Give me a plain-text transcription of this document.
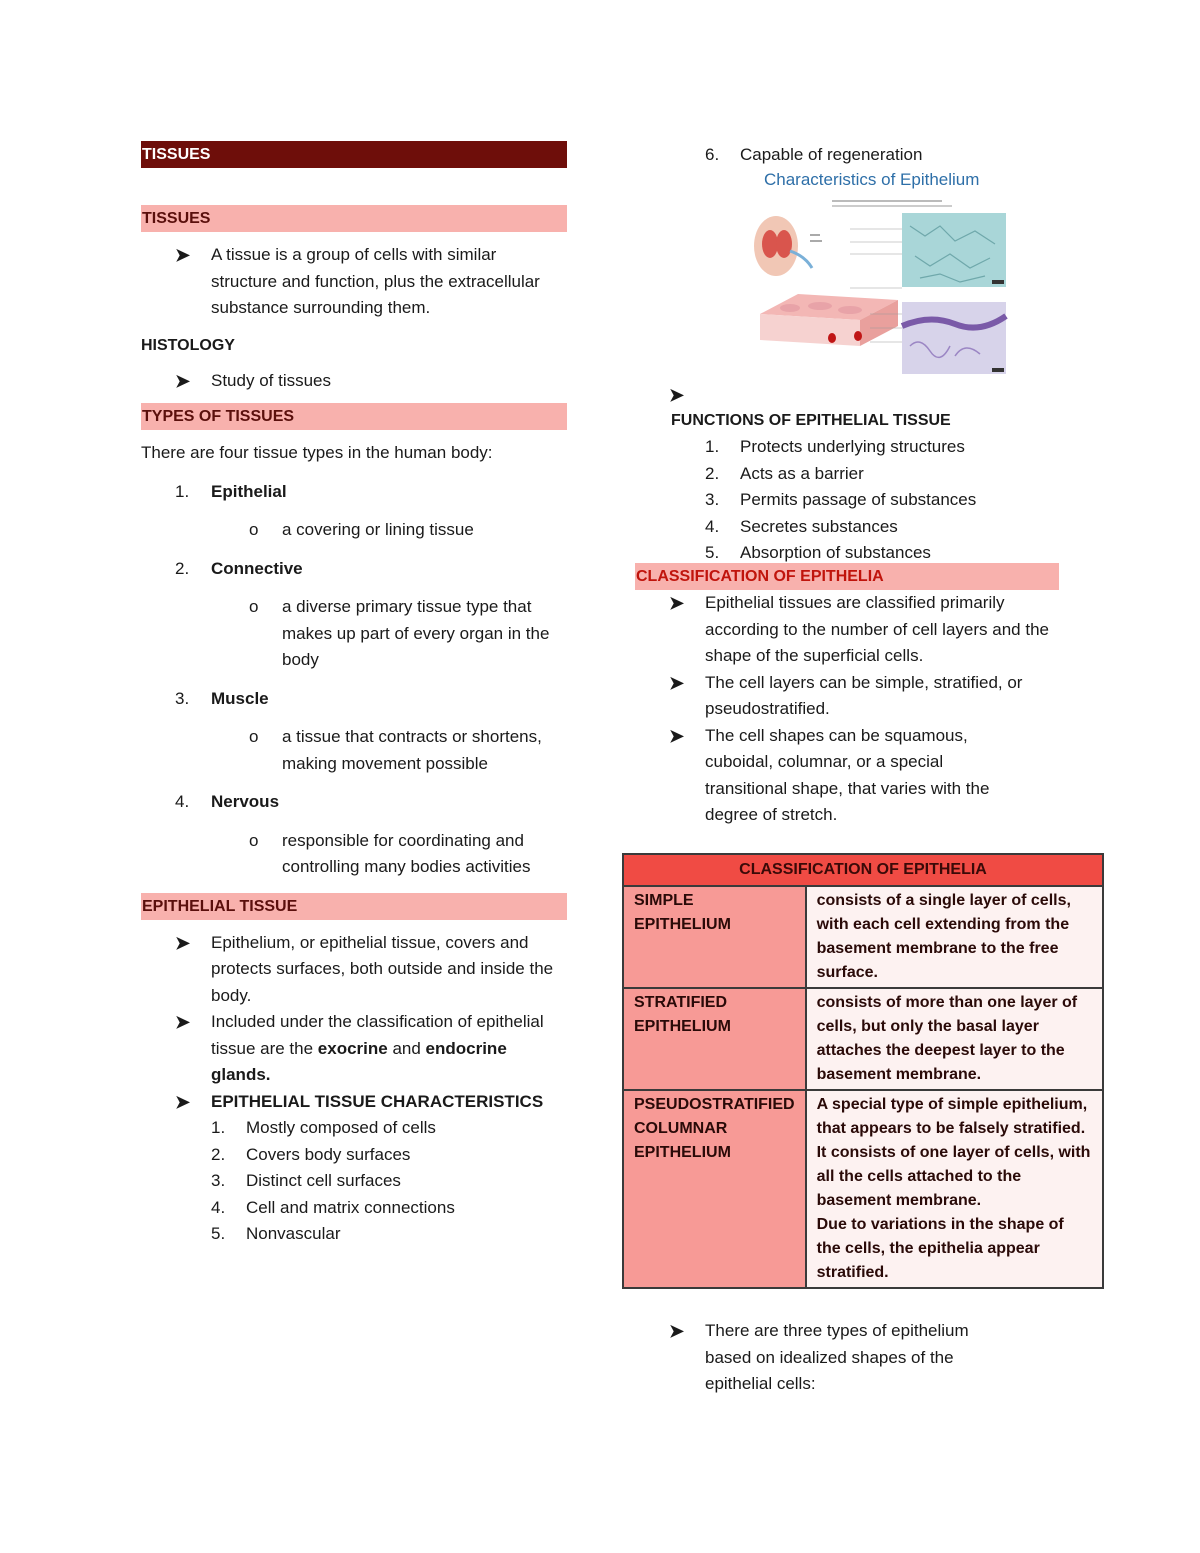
TISSUES
TISSUES
➤ A tissue is a group of cells with similar structure and function, plus the extracellular substance surrounding them.
HISTOLOGY
➤ Study of tissues
TYPES OF TISSUES
There are four tissue types in the human body:
1.	Epithelial
o a covering or lining tissue
2.	Connective
o a diverse primary tissue type that makes up part of every organ in the body
3.	Muscle
o a tissue that contracts or shortens, making movement possible
4.	Nervous
o responsible for coordinating and controlling many bodies activities
EPITHELIAL TISSUE
➤ Epithelium, or epithelial tissue, covers and protects surfaces, both outside and inside the body.
➤ Included under the classification of epithelial tissue are the exocrine and endocrine glands.
➤ EPITHELIAL TISSUE CHARACTERISTICS
1.	Mostly composed of cells
2.	Covers body surfaces
3.	Distinct cell surfaces
4.	Cell and matrix connections
5.	Nonvascular
6.	Capable of regeneration
Characteristics of Epithelium
➤
FUNCTIONS OF EPITHELIAL TISSUE
1.	Protects underlying structures
2.	Acts as a barrier
3.	Permits passage of substances
4.	Secretes substances
5.	Absorption of substances
CLASSIFICATION OF EPITHELIA
➤ Epithelial tissues are classified primarily according to the number of cell layers and the shape of the superficial cells.
➤ The cell layers can be simple, stratified, or pseudostratified.
➤ The cell shapes can be squamous, cuboidal, columnar, or a special transitional shape, that varies with the degree of stretch.
CLASSIFICATION OF EPITHELIA	
SIMPLE EPITHELIUM	consists of a single layer of cells, with each cell extending from the basement membrane to the free surface.
STRATIFIED EPITHELIUM	consists of more than one layer of cells, but only the basal layer attaches the deepest layer to the basement membrane.
PSEUDOSTRATIFIED COLUMNAR EPITHELIUM	A special type of simple epithelium, that appears to be falsely stratified.
It consists of one layer of cells, with all the cells attached to the basement membrane.
Due to variations in the shape of the cells, the epithelia appear stratified.
➤ There are three types of epithelium based on idealized shapes of the epithelial cells:
